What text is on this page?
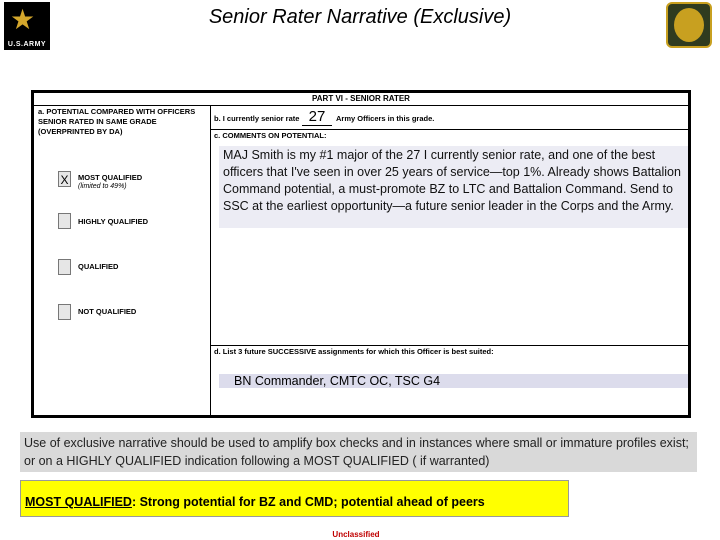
★
U.S.ARMY
Senior Rater Narrative (Exclusive)
PART VI - SENIOR RATER
a. POTENTIAL COMPARED WITH OFFICERS SENIOR RATED IN SAME GRADE (OVERPRINTED BY DA)
b. I currently senior rate 27	Army Officers in this grade.
c. COMMENTS ON POTENTIAL:
d. List 3 future SUCCESSIVE assignments for which this Officer is best suited:
X	MOST QUALIFIED
(limited to 49%)
HIGHLY QUALIFIED
QUALIFIED
NOT QUALIFIED
MAJ Smith is my #1 major of the 27 I currently senior rate, and one of the best officers that I've seen in over 25 years of service—top 1%. Already shows Battalion Command potential, a must-promote BZ to LTC and Battalion Command. Send to SSC at the earliest opportunity—a future senior leader in the Corps and the Army.
BN Commander, CMTC OC, TSC G4
Use of exclusive narrative should be used to amplify box checks and in instances where small or immature profiles exist; or on a HIGHLY QUALIFIED indication following a MOST QUALIFIED ( if warranted)
MOST QUALIFIED: Strong potential for BZ and CMD; potential ahead of peers
Unclassified
